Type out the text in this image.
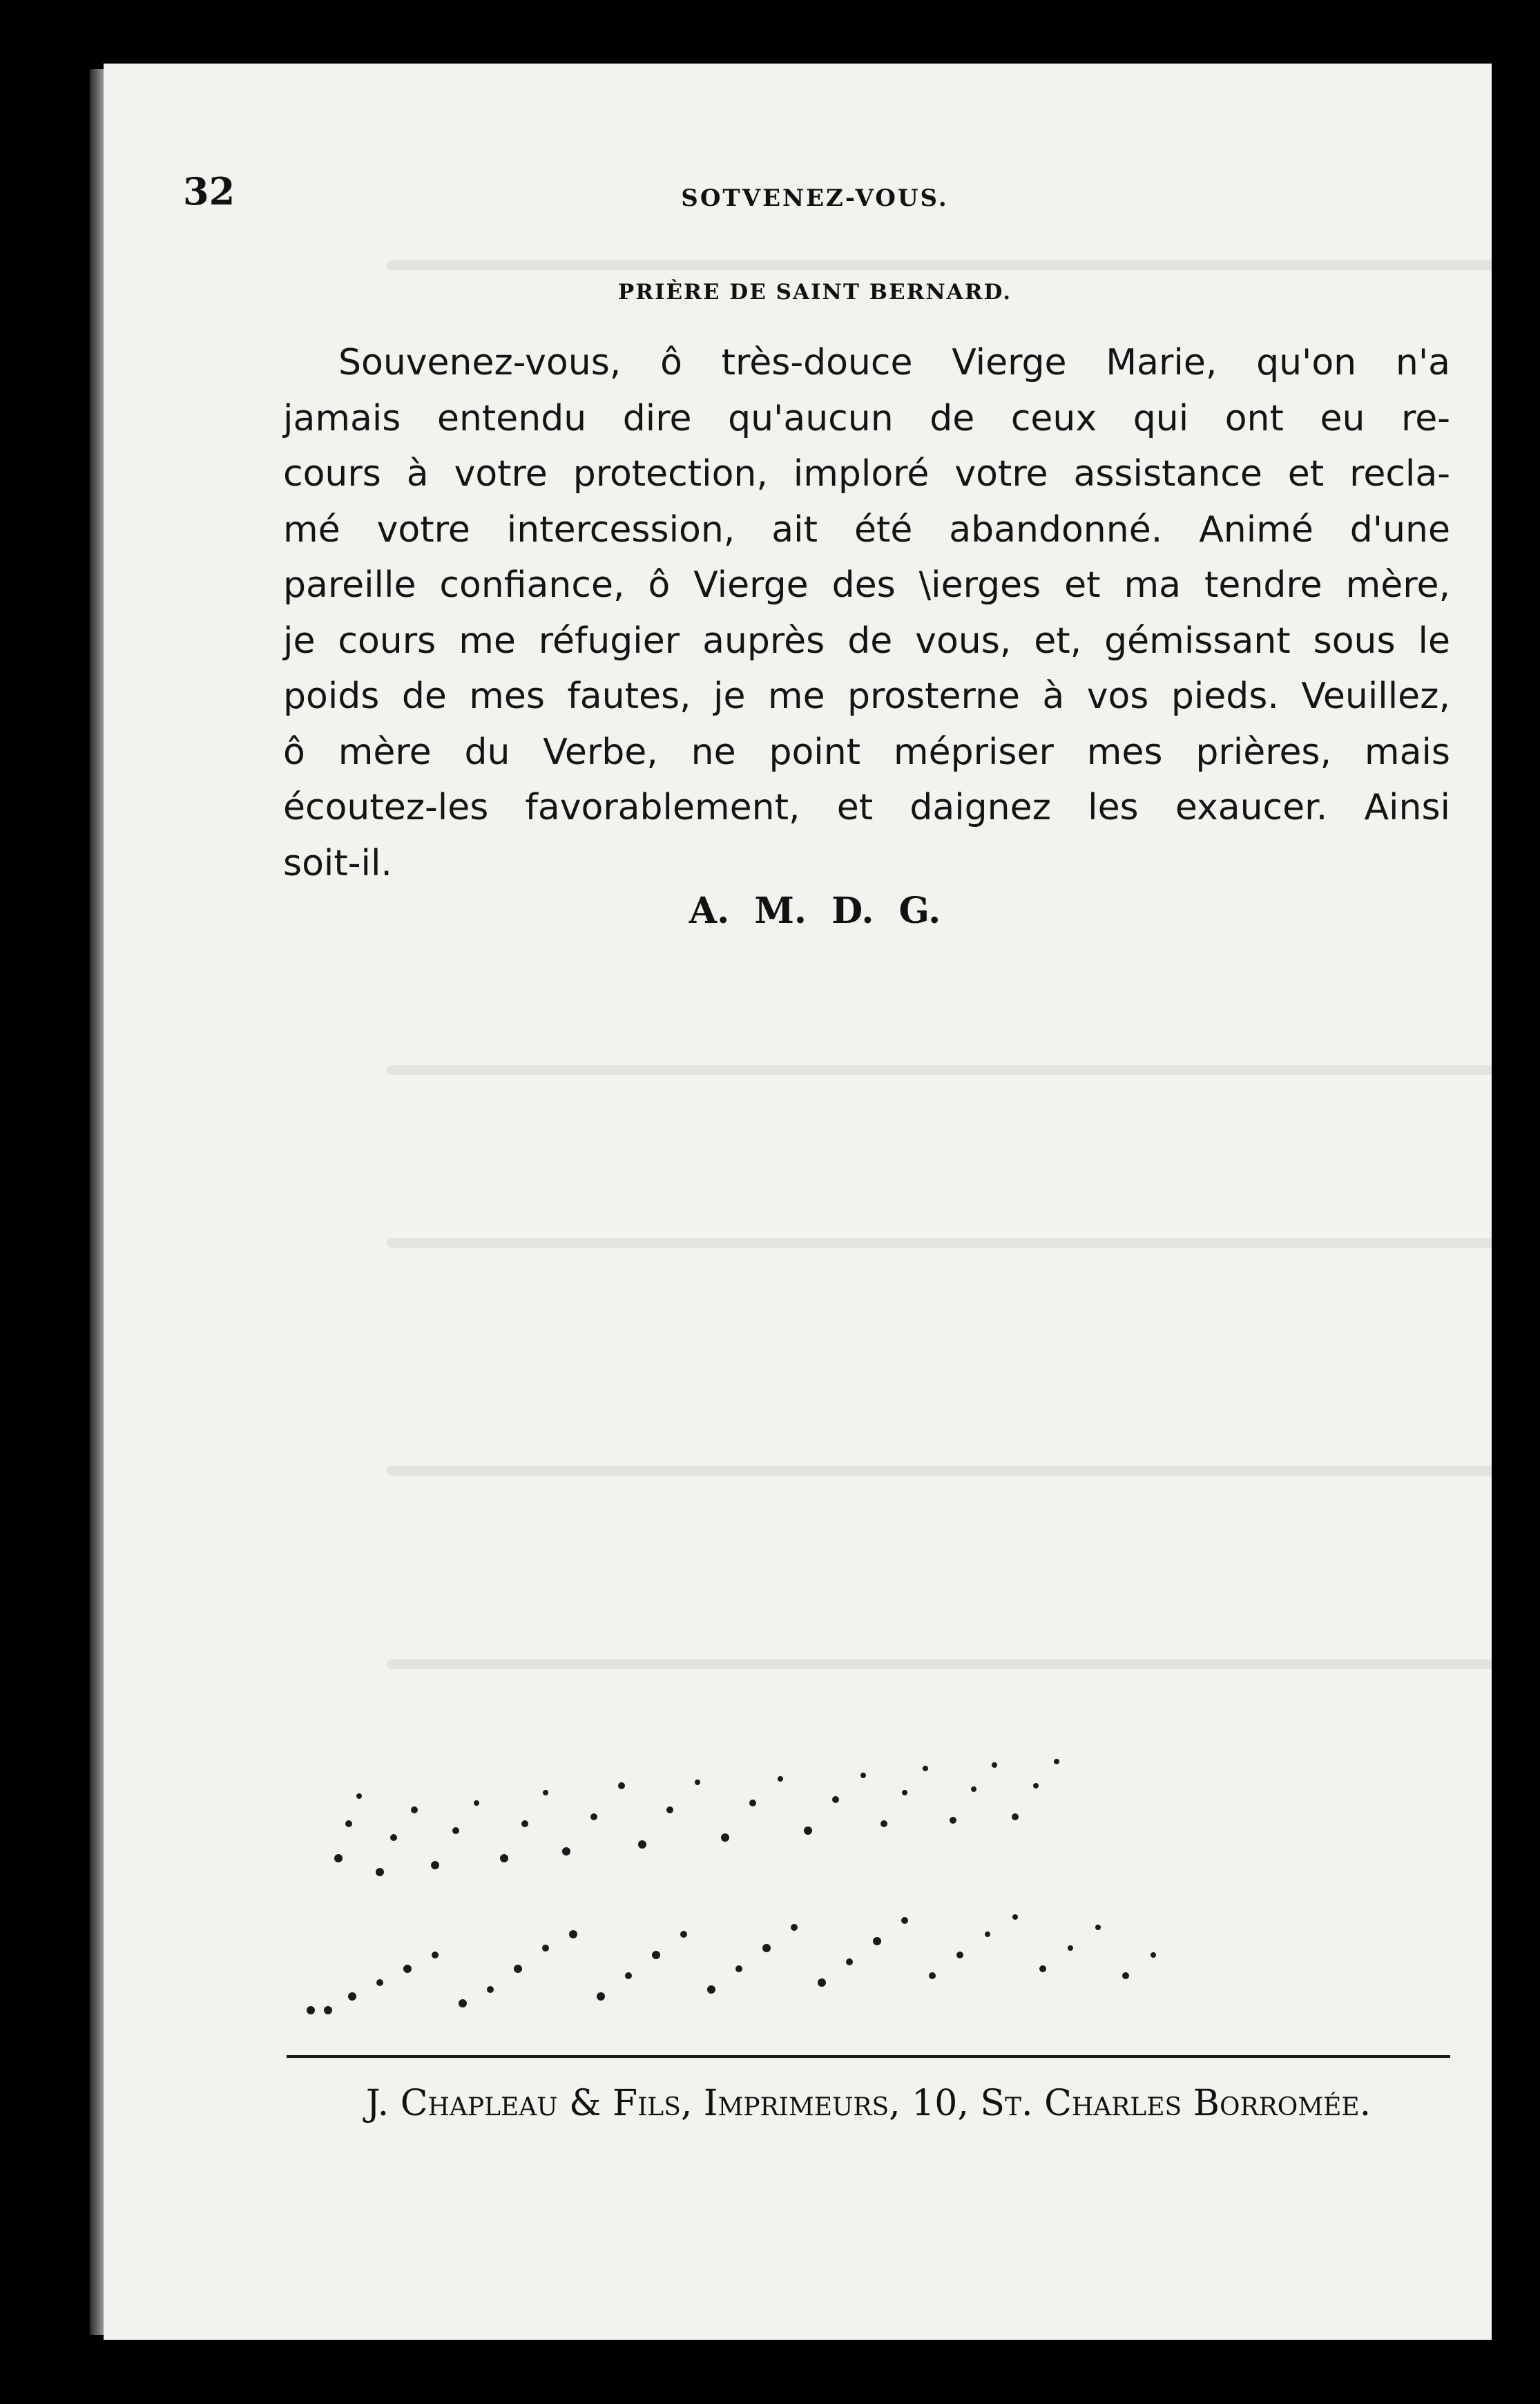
32	SOTVENEZ-VOUS.
PRIÈRE DE SAINT BERNARD.
Souvenez-vous, ô très-douce Vierge Marie, qu'on n'a
jamais entendu dire qu'aucun de ceux qui ont eu re-
cours à votre protection, imploré votre assistance et recla-
mé votre intercession, ait été abandonné. Animé d'une
pareille confiance, ô Vierge des \ierges et ma tendre mère,
je cours me réfugier auprès de vous, et, gémissant sous le
poids de mes fautes, je me prosterne à vos pieds. Veuillez,
ô mère du Verbe, ne point mépriser mes prières, mais
écoutez-les favorablement, et daignez les exaucer. Ainsi
soit-il.
A. M. D. G.
J. Chapleau & Fils, Imprimeurs, 10, St. Charles Borromée.
